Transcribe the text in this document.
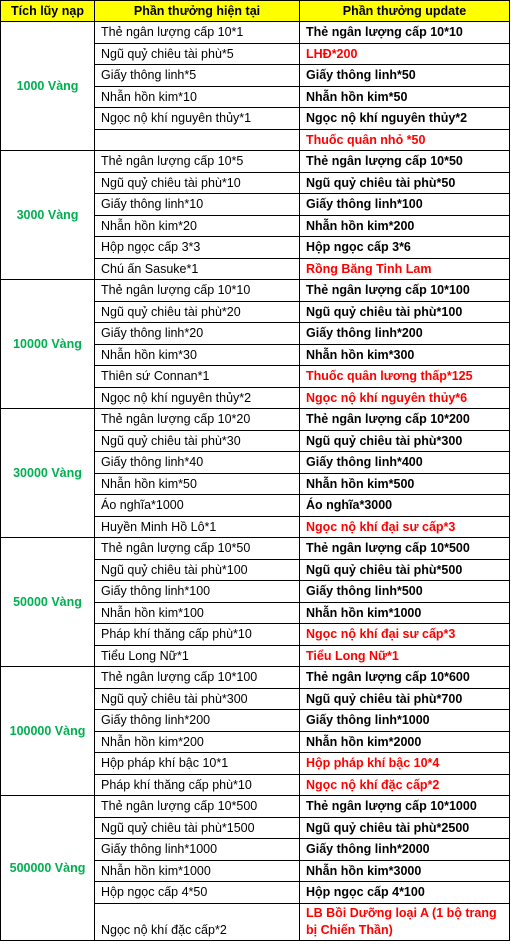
Tích lũy nạp	Phần thưởng hiện tại	Phần thưởng update
1000 Vàng	Thẻ ngân lượng cấp 10*1	Thẻ ngân lượng cấp 10*10
	Ngũ quỷ chiêu tài phù*5	LHĐ*200
	Giấy thông linh*5	Giấy thông linh*50
	Nhẫn hồn kim*10	Nhẫn hồn kim*50
	Ngọc nộ khí nguyên thủy*1	Ngọc nộ khí nguyên thủy*2
		Thuốc quân nhỏ *50
3000 Vàng	Thẻ ngân lượng cấp 10*5	Thẻ ngân lượng cấp 10*50
	Ngũ quỷ chiêu tài phù*10	Ngũ quỷ chiêu tài phù*50
	Giấy thông linh*10	Giấy thông linh*100
	Nhẫn hồn kim*20	Nhẫn hồn kim*200
	Hộp ngọc cấp 3*3	Hộp ngọc cấp 3*6
	Chú ấn Sasuke*1	Rồng Băng Tinh Lam
10000 Vàng	Thẻ ngân lượng cấp 10*10	Thẻ ngân lượng cấp 10*100
	Ngũ quỷ chiêu tài phù*20	Ngũ quỷ chiêu tài phù*100
	Giấy thông linh*20	Giấy thông linh*200
	Nhẫn hồn kim*30	Nhẫn hồn kim*300
	Thiên sứ Connan*1	Thuốc quân lương thấp*125
	Ngọc nộ khí nguyên thủy*2	Ngọc nộ khí nguyên thủy*6
30000 Vàng	Thẻ ngân lượng cấp 10*20	Thẻ ngân lượng cấp 10*200
	Ngũ quỷ chiêu tài phù*30	Ngũ quỷ chiêu tài phù*300
	Giấy thông linh*40	Giấy thông linh*400
	Nhẫn hồn kim*50	Nhẫn hồn kim*500
	Áo nghĩa*1000	Áo nghĩa*3000
	Huyền Minh Hồ Lô*1	Ngọc nộ khí đại sư cấp*3
50000 Vàng	Thẻ ngân lượng cấp 10*50	Thẻ ngân lượng cấp 10*500
	Ngũ quỷ chiêu tài phù*100	Ngũ quỷ chiêu tài phù*500
	Giấy thông linh*100	Giấy thông linh*500
	Nhẫn hồn kim*100	Nhẫn hồn kim*1000
	Pháp khí thăng cấp phù*10	Ngọc nộ khí đại sư cấp*3
	Tiểu Long Nữ*1	Tiểu Long Nữ*1
100000 Vàng	Thẻ ngân lượng cấp 10*100	Thẻ ngân lượng cấp 10*600
	Ngũ quỷ chiêu tài phù*300	Ngũ quỷ chiêu tài phù*700
	Giấy thông linh*200	Giấy thông linh*1000
	Nhẫn hồn kim*200	Nhẫn hồn kim*2000
	Hộp pháp khí bậc 10*1	Hộp pháp khí bậc 10*4
	Pháp khí thăng cấp phù*10	Ngọc nộ khí đặc cấp*2
500000 Vàng	Thẻ ngân lượng cấp 10*500	Thẻ ngân lượng cấp 10*1000
	Ngũ quỷ chiêu tài phù*1500	Ngũ quỷ chiêu tài phù*2500
	Giấy thông linh*1000	Giấy thông linh*2000
	Nhẫn hồn kim*1000	Nhẫn hồn kim*3000
	Hộp ngọc cấp 4*50	Hộp ngọc cấp 4*100
	Ngọc nộ khí đặc cấp*2	LB Bồi Dưỡng loại A (1 bộ trang bị Chiến Thần)
